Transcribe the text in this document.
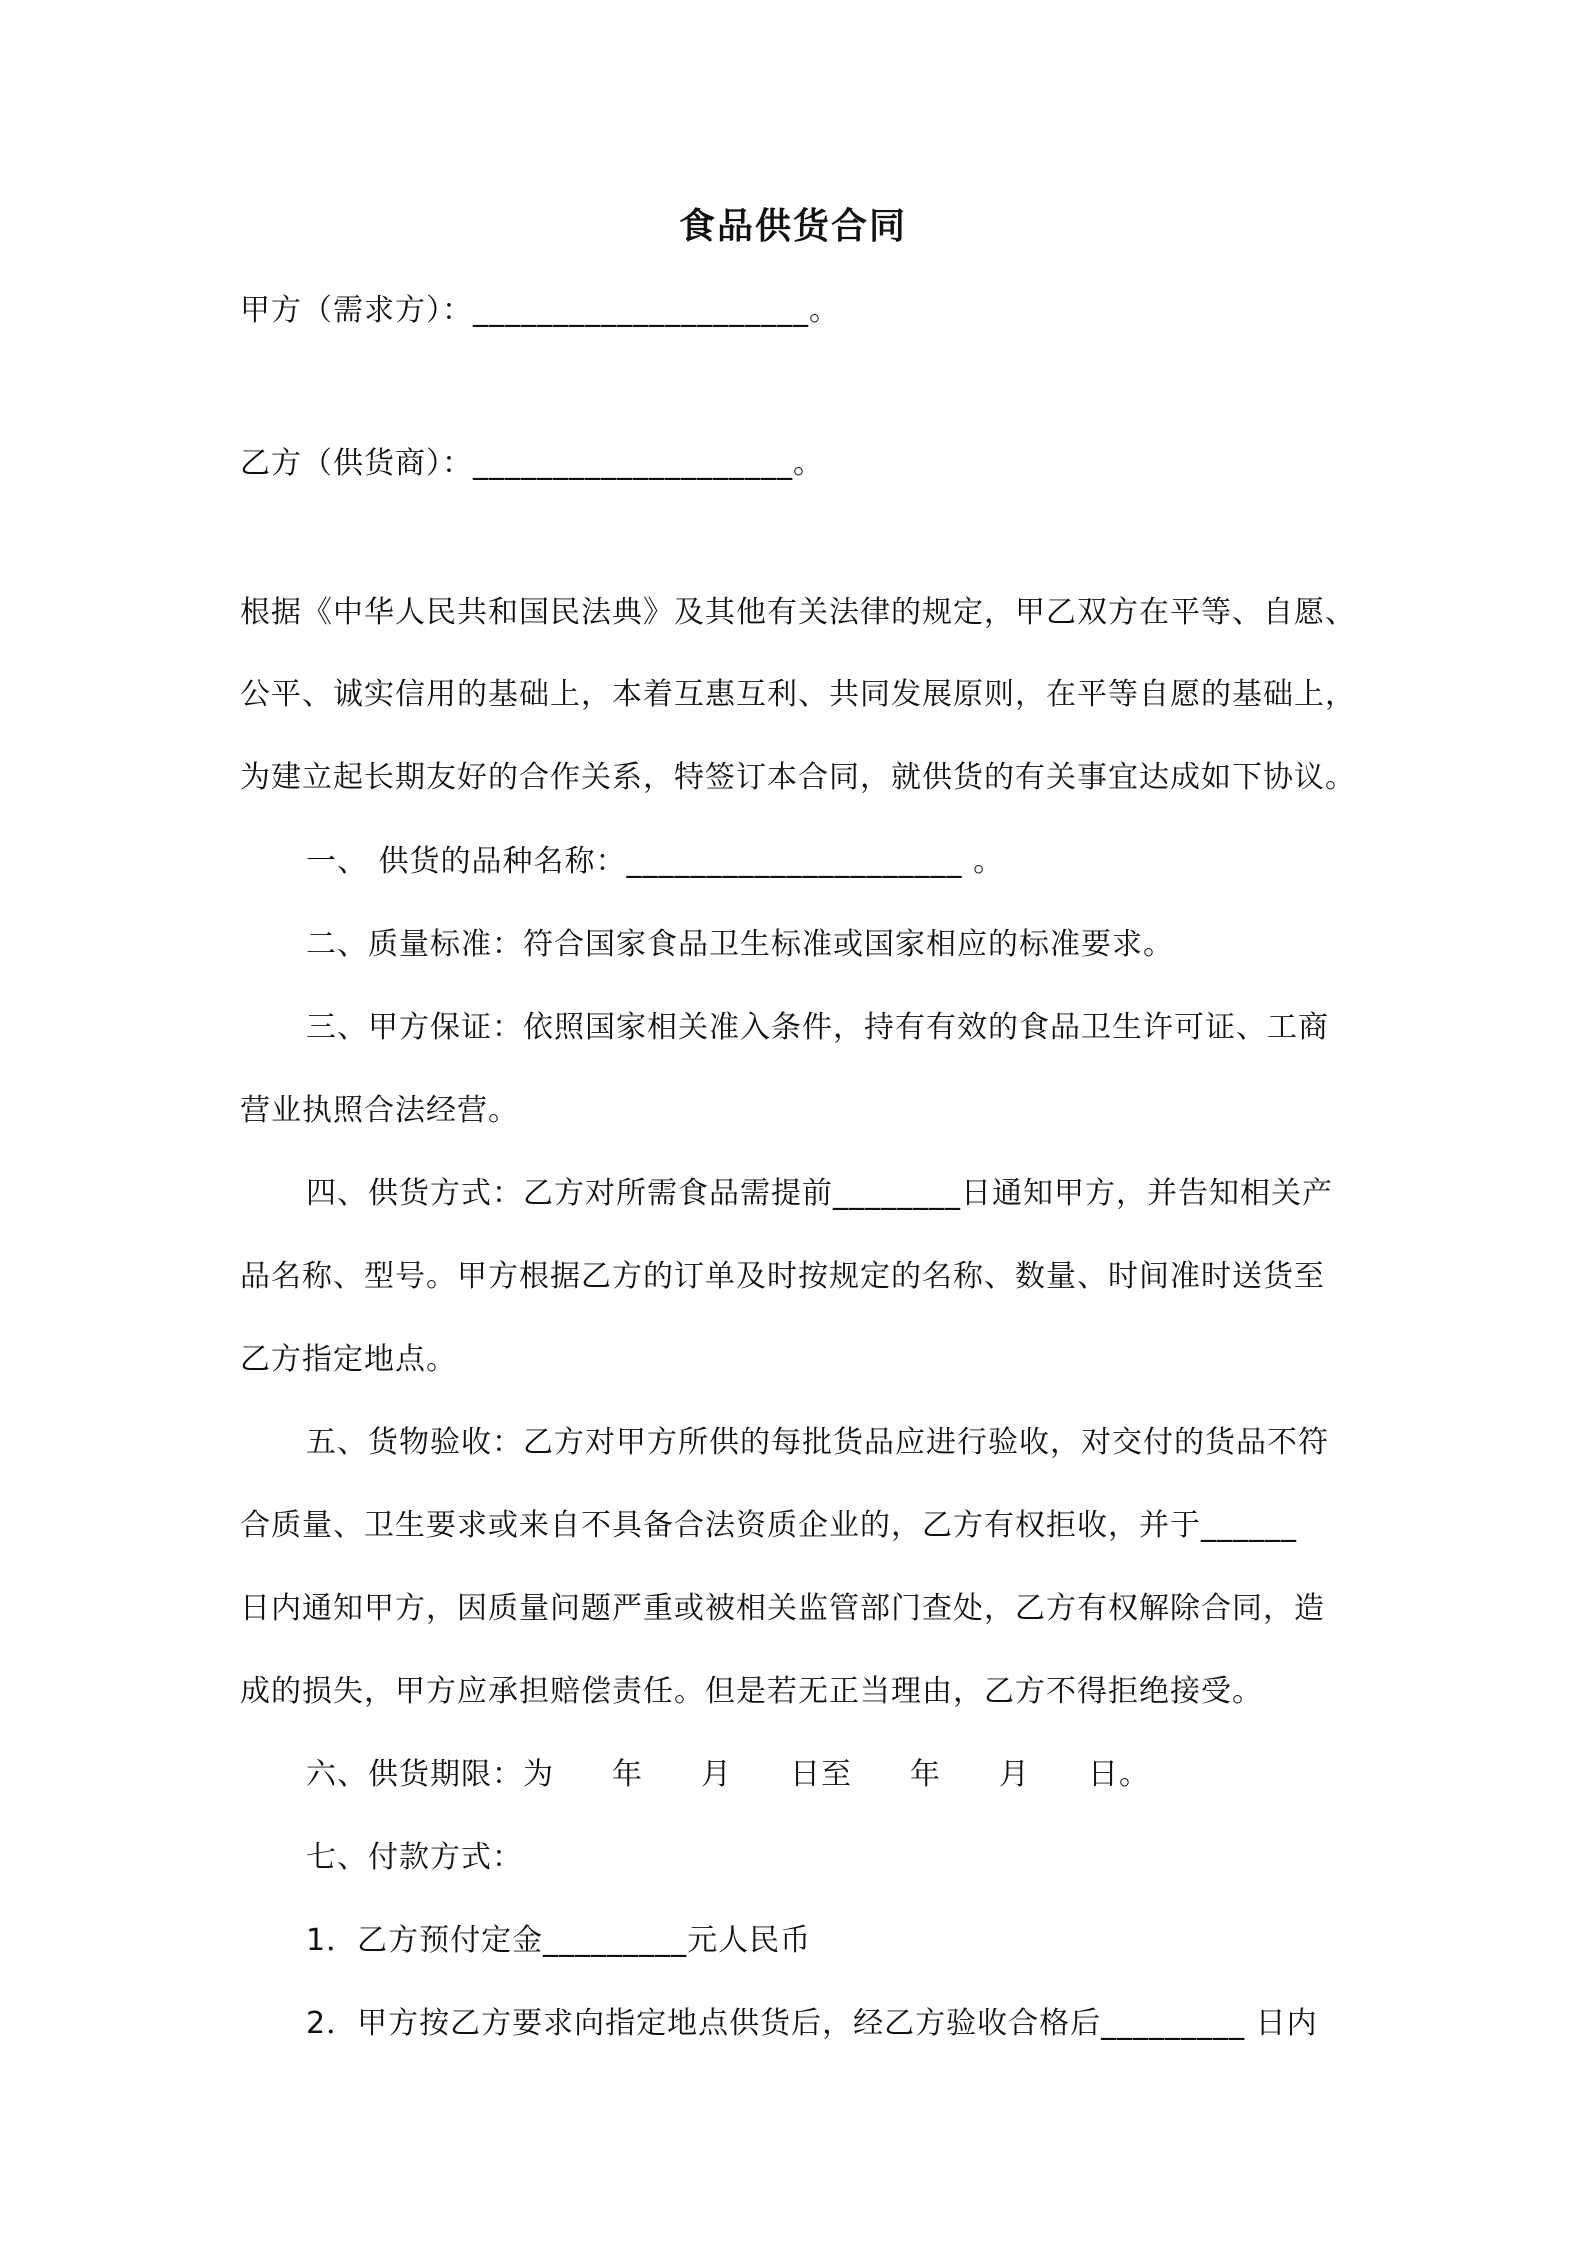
食品供货合同
甲方（需求方）：_____________________。
乙方（供货商）：____________________。
根据《中华人民共和国民法典》及其他有关法律的规定，甲乙双方在平等、自愿、
公平、诚实信用的基础上，本着互惠互利、共同发展原则，在平等自愿的基础上，
为建立起长期友好的合作关系，特签订本合同，就供货的有关事宜达成如下协议。
一、 供货的品种名称：_____________________ 。
二、质量标准：符合国家食品卫生标准或国家相应的标准要求。
三、甲方保证：依照国家相关准入条件，持有有效的食品卫生许可证、工商
营业执照合法经营。
四、供货方式：乙方对所需食品需提前________日通知甲方，并告知相关产
品名称、型号。甲方根据乙方的订单及时按规定的名称、数量、时间准时送货至
乙方指定地点。
五、货物验收：乙方对甲方所供的每批货品应进行验收，对交付的货品不符
合质量、卫生要求或来自不具备合法资质企业的，乙方有权拒收，并于______
日内通知甲方，因质量问题严重或被相关监管部门查处，乙方有权解除合同，造
成的损失，甲方应承担赔偿责任。但是若无正当理由，乙方不得拒绝接受。
六、供货期限：为 年 月 日至 年 月 日。
七、付款方式：
1．乙方预付定金_________元人民币
2．甲方按乙方要求向指定地点供货后，经乙方验收合格后_________ 日内
